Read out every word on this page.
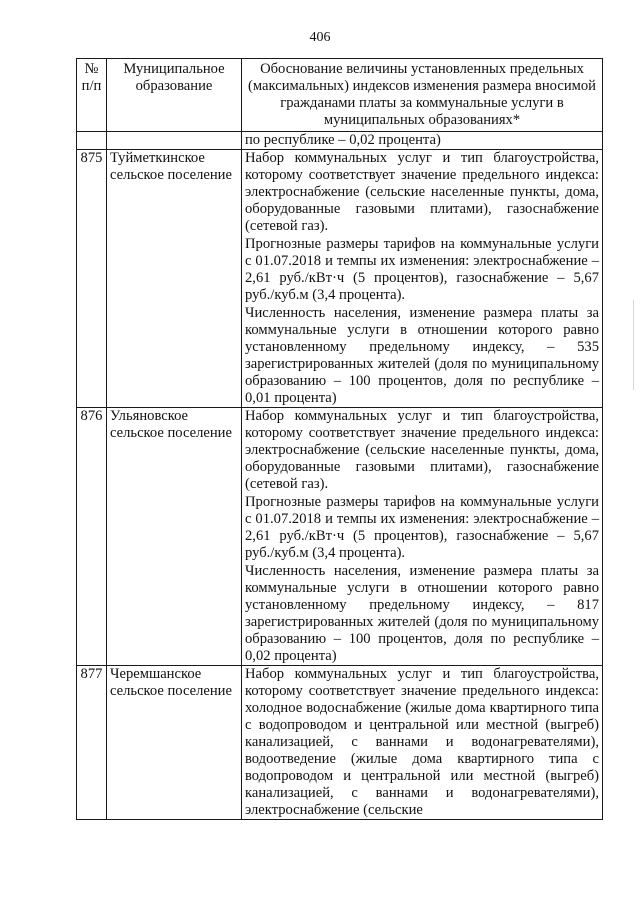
406
№ п/п	Муниципальное образование	Обоснование величины установленных предельных (максимальных) индексов изменения размера вносимой гражданами платы за коммунальные услуги в муниципальных образованиях*
		по республике – 0,02 процента)
875	Туйметкинское сельское поселение	Набор коммунальных услуг и тип благоустройства, которому соответствует значение предельного индекса: электроснабжение (сельские населенные пункты, дома, оборудованные газовыми плитами), газоснабжение (сетевой газ).

Прогнозные размеры тарифов на коммунальные услуги с 01.07.2018 и темпы их изменения: электроснабжение – 2,61 руб./кВт·ч (5 процентов), газоснабжение – 5,67 руб./куб.м (3,4 процента).

Численность населения, изменение размера платы за коммунальные услуги в отношении которого равно установленному предельному индексу, – 535 зарегистрированных жителей (доля по муниципальному образованию – 100 процентов, доля по республике – 0,01 процента)

876	Ульяновское сельское поселение	Набор коммунальных услуг и тип благоустройства, которому соответствует значение предельного индекса: электроснабжение (сельские населенные пункты, дома, оборудованные газовыми плитами), газоснабжение (сетевой газ).

Прогнозные размеры тарифов на коммунальные услуги с 01.07.2018 и темпы их изменения: электроснабжение – 2,61 руб./кВт·ч (5 процентов), газоснабжение – 5,67 руб./куб.м (3,4 процента).

Численность населения, изменение размера платы за коммунальные услуги в отношении которого равно установленному предельному индексу, – 817 зарегистрированных жителей (доля по муниципальному образованию – 100 процентов, доля по республике – 0,02 процента)

877	Черемшанское сельское поселение	Набор коммунальных услуг и тип благоустройства, которому соответствует значение предельного индекса: холодное водоснабжение (жилые дома квартирного типа с водопроводом и центральной или местной (выгреб) канализацией, с ваннами и водонагревателями), водоотведение (жилые дома квартирного типа с водопроводом и центральной или местной (выгреб) канализацией, с ваннами и водонагревателями), электроснабжение (сельские
